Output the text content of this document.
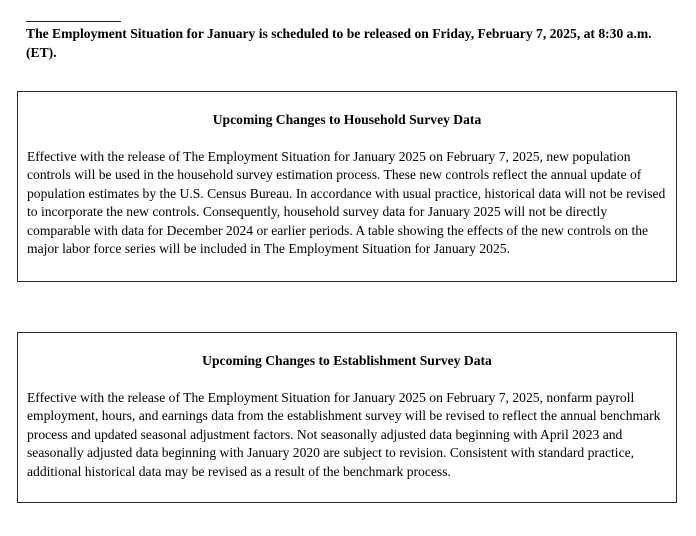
The Employment Situation for January is scheduled to be released on Friday, February 7, 2025, at 8:30 a.m. (ET).

Upcoming Changes to Household Survey Data

Effective with the release of The Employment Situation for January 2025 on February 7, 2025, new population controls will be used in the household survey estimation process. These new controls reflect the annual update of population estimates by the U.S. Census Bureau. In accordance with usual practice, historical data will not be revised to incorporate the new controls. Consequently, household survey data for January 2025 will not be directly comparable with data for December 2024 or earlier periods. A table showing the effects of the new controls on the major labor force series will be included in The Employment Situation for January 2025.

Upcoming Changes to Establishment Survey Data

Effective with the release of The Employment Situation for January 2025 on February 7, 2025, nonfarm payroll employment, hours, and earnings data from the establishment survey will be revised to reflect the annual benchmark process and updated seasonal adjustment factors. Not seasonally adjusted data beginning with April 2023 and seasonally adjusted data beginning with January 2020 are subject to revision. Consistent with standard practice, additional historical data may be revised as a result of the benchmark process.
